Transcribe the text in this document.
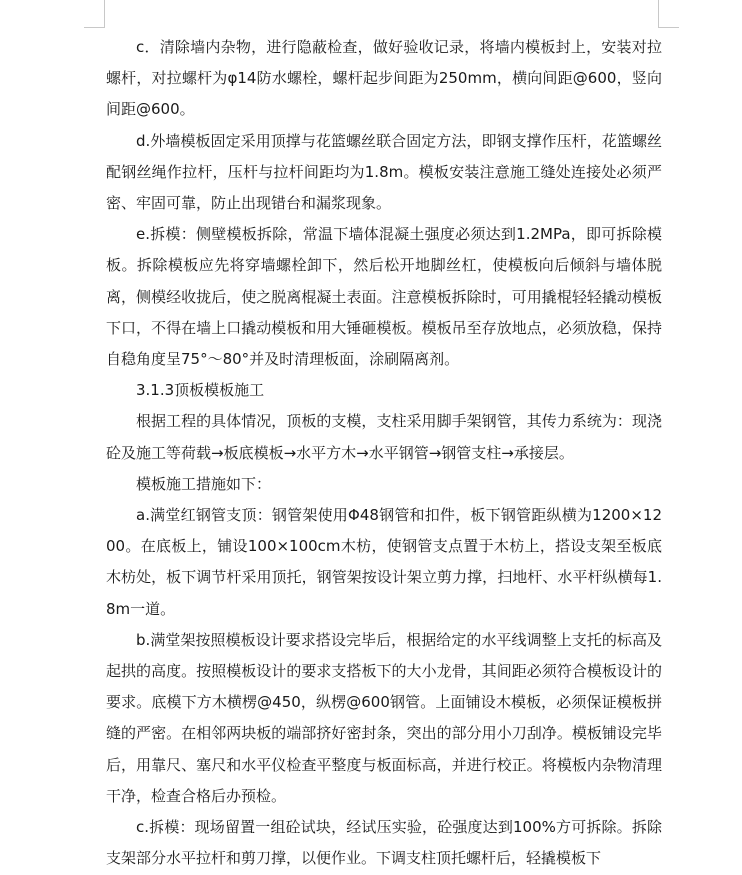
c．清除墙内杂物，进行隐蔽检查，做好验收记录，将墙内模板封上，安装对拉螺杆，对拉螺杆为φ14防水螺栓，螺杆起步间距为250mm，横向间距@600，竖向间距@600。

d.外墙模板固定采用顶撑与花篮螺丝联合固定方法，即钢支撑作压杆，花篮螺丝配钢丝绳作拉杆，压杆与拉杆间距均为1.8m。模板安装注意施工缝处连接处必须严密、牢固可靠，防止出现错台和漏浆现象。

e.拆模：侧壁模板拆除，常温下墙体混凝土强度必须达到1.2MPa，即可拆除模板。拆除模板应先将穿墙螺栓卸下，然后松开地脚丝杠，使模板向后倾斜与墙体脱离，侧模经收拢后，使之脱离棍凝土表面。注意模板拆除时，可用撬棍轻轻撬动模板下口，不得在墙上口撬动模板和用大锤砸模板。模板吊至存放地点，必须放稳，保持自稳角度呈75°～80°并及时清理板面，涂刷隔离剂。

3.1.3顶板模板施工

根据工程的具体情况，顶板的支模，支柱采用脚手架钢管，其传力系统为：现浇砼及施工等荷载→板底模板→水平方木→水平钢管→钢管支柱→承接层。

模板施工措施如下：

a.满堂红钢管支顶：钢管架使用Φ48钢管和扣件，板下钢管距纵横为1200×1200。在底板上，铺设100×100cm木枋，使钢管支点置于木枋上，搭设支架至板底木枋处，板下调节杆采用顶托，钢管架按设计架立剪力撑，扫地杆、水平杆纵横每1.8m一道。

b.满堂架按照模板设计要求搭设完毕后，根据给定的水平线调整上支托的标高及起拱的高度。按照模板设计的要求支搭板下的大小龙骨，其间距必须符合模板设计的要求。底模下方木横楞@450，纵楞@600钢管。上面铺设木模板，必须保证模板拼缝的严密。在相邻两块板的端部挤好密封条，突出的部分用小刀刮净。模板铺设完毕后，用靠尺、塞尺和水平仪检查平整度与板面标高，并进行校正。将模板内杂物清理干净，检查合格后办预检。

c.拆模：现场留置一组砼试块，经试压实验，砼强度达到100%方可拆除。拆除支架部分水平拉杆和剪刀撑，以便作业。下调支柱顶托螺杆后，轻撬模板下
